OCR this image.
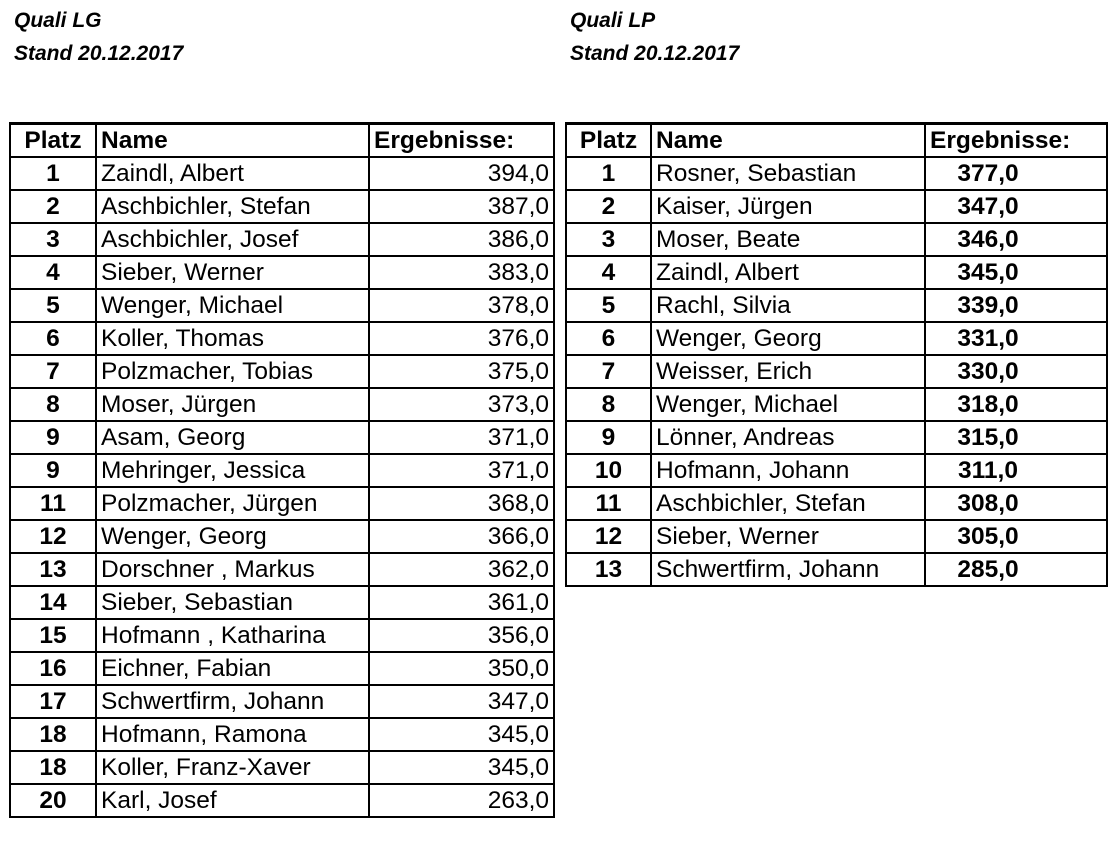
Quali LG
Stand 20.12.2017
Quali LP
Stand 20.12.2017
Platz	Name	Ergebnisse:
1	Zaindl, Albert	394,0
2	Aschbichler, Stefan	387,0
3	Aschbichler, Josef	386,0
4	Sieber, Werner	383,0
5	Wenger, Michael	378,0
6	Koller, Thomas	376,0
7	Polzmacher, Tobias	375,0
8	Moser, Jürgen	373,0
9	Asam, Georg	371,0
9	Mehringer, Jessica	371,0
11	Polzmacher, Jürgen	368,0
12	Wenger, Georg	366,0
13	Dorschner , Markus	362,0
14	Sieber, Sebastian	361,0
15	Hofmann , Katharina	356,0
16	Eichner, Fabian	350,0
17	Schwertfirm, Johann	347,0
18	Hofmann, Ramona	345,0
18	Koller, Franz-Xaver	345,0
20	Karl, Josef	263,0
Platz	Name	Ergebnisse:
1	Rosner, Sebastian	377,0
2	Kaiser, Jürgen	347,0
3	Moser, Beate	346,0
4	Zaindl, Albert	345,0
5	Rachl, Silvia	339,0
6	Wenger, Georg	331,0
7	Weisser, Erich	330,0
8	Wenger, Michael	318,0
9	Lönner, Andreas	315,0
10	Hofmann, Johann	311,0
11	Aschbichler, Stefan	308,0
12	Sieber, Werner	305,0
13	Schwertfirm, Johann	285,0
